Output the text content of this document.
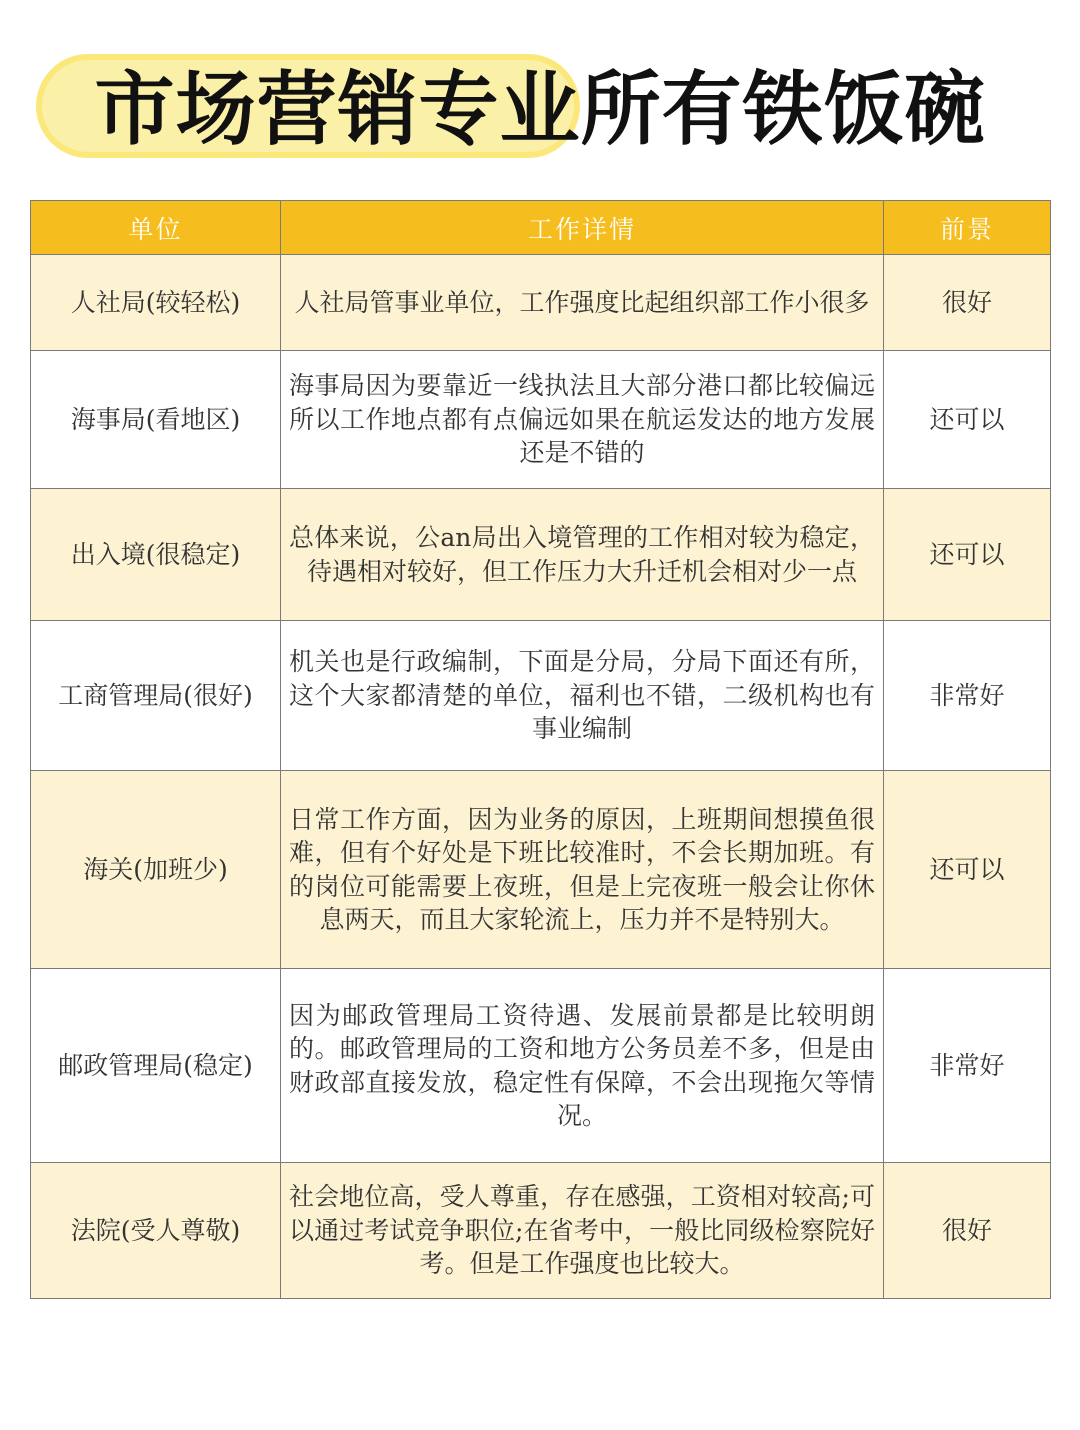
市场营销专业所有铁饭碗
单位	工作详情	前景
人社局(较轻松)	人社局管事业单位，工作强度比起组织部工作小很多	很好
海事局(看地区)	海事局因为要靠近一线执法且大部分港口都比较偏远所以工作地点都有点偏远如果在航运发达的地方发展还是不错的	还可以
出入境(很稳定)	总体来说，公an局出入境管理的工作相对较为稳定，待遇相对较好，但工作压力大升迁机会相对少一点	还可以
工商管理局(很好)	机关也是行政编制，下面是分局，分局下面还有所，这个大家都清楚的单位，福利也不错，二级机构也有事业编制	非常好
海关(加班少)	日常工作方面，因为业务的原因，上班期间想摸鱼很难，但有个好处是下班比较准时，不会长期加班。有的岗位可能需要上夜班，但是上完夜班一般会让你休息两天，而且大家轮流上，压力并不是特别大。	还可以
邮政管理局(稳定)	因为邮政管理局工资待遇、发展前景都是比较明朗的。邮政管理局的工资和地方公务员差不多，但是由财政部直接发放，稳定性有保障，不会出现拖欠等情况。	非常好
法院(受人尊敬)	社会地位高，受人尊重，存在感强，工资相对较高;可以通过考试竞争职位;在省考中，一般比同级检察院好考。但是工作强度也比较大。	很好
